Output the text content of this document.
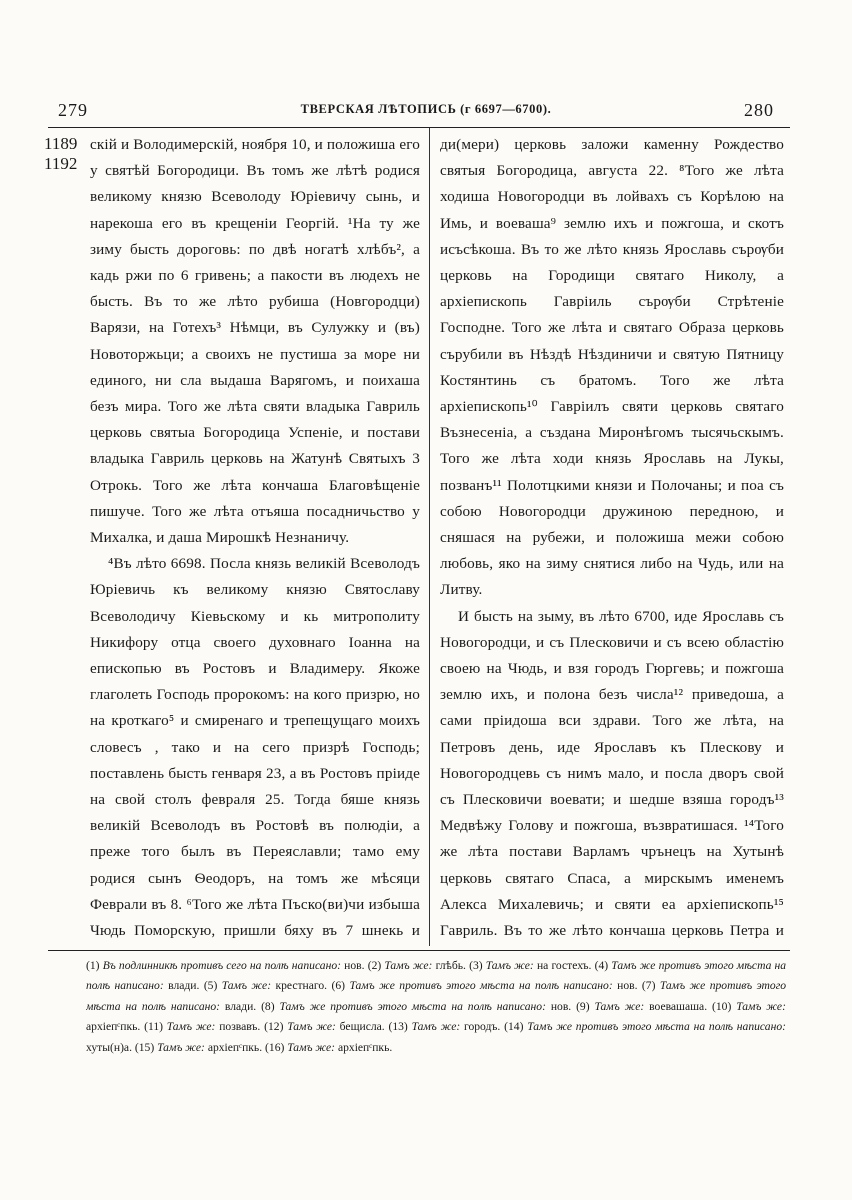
279	ТВЕРСКАЯ ЛѢТОПИСЬ (г 6697—6700).	280
1189
1192

скій и Володимерскій, ноября 10, и положиша его у святѣй Богородици. Въ томъ же лѣтѣ родися великому князю Всеволоду Юріевичу сынь, и нарекоша его въ крещеніи Георгій. ¹На ту же зиму бысть дороговь: по двѣ ногатѣ хлѣбъ², а кадь ржи по 6 гривень; а пакости въ людехъ не бысть. Въ то же лѣто рубиша (Новгородци) Варязи, на Готехъ³ Нѣмци, въ Сулужку и (въ) Новоторжьци; а своихъ не пустиша за море ни единого, ни сла выдаша Варягомъ, и поихаша безъ мира. Того же лѣта святи владыка Гавриль церковь святыа Богородица Успеніе, и постави владыка Гавриль церковь на Жатунѣ Святыхъ 3 Отрокь. Того же лѣта кончаша Благовѣщеніе пишуче. Того же лѣта отъяша посадничьство у Михалка, и даша Мирошкѣ Незнаничу.

⁴Въ лѣто 6698. Посла князь великій Всеволодъ Юріевичь къ великому князю Святославу Всеволодичу Кіевьскому и кь митрополиту Никифору отца своего духовнаго Іоанна на епископью въ Ростовъ и Владимеру. Якоже глаголеть Господь пророкомъ: на кого призрю, но на кроткаго⁵ и смиренаго и трепещущаго моихъ словесъ , тако и на сего призрѣ Господь; поставлень бысть генваря 23, а въ Ростовъ пріиде на свой столъ февраля 25. Тогда бяше князь великій Всеволодъ въ Ростовѣ въ полюдіи, а преже того былъ въ Переяславли; тамо ему родися сынъ Ѳеодоръ, на томъ же мѣсяци Феврали въ 8. ⁶Того же лѣта Пъско(ви)чи избыша Чюдь Поморскую, пришли бяху въ 7 шнекь и

ди(мери) церковь заложи каменну Рождество святыя Богородица, августа 22. ⁸Того же лѣта ходиша Новогородци въ лойвахъ съ Корѣлою на Имь, и воеваша⁹ землю ихъ и пожгоша, и скотъ исъсѣкоша. Въ то же лѣто князь Ярославь сърѹби церковь на Городищи святаго Николу, а архіепископь Гавріиль сърѹби Стрѣтеніе Господне. Того же лѣта и святаго Образа церковь сърубили въ Нѣздѣ Нѣздиничи и святую Пятницу Костянтинь съ братомъ. Того же лѣта архіепископь¹⁰ Гавріилъ святи церковь святаго Възнесеніа, а създана Миронѣгомъ тысячьскымъ. Того же лѣта ходи князь Ярославь на Лукы, позванъ¹¹ Полотцкими князи и Полочаны; и поа съ собою Новогородци дружиною передною, и сняшася на рубежи, и положиша межи собою любовь, яко на зиму снятися либо на Чудь, или на Литву.

И бысть на зыму, въ лѣто 6700, иде Ярославь съ Новогородци, и съ Плесковичи и съ всею областію своею на Чюдь, и взя городъ Гюргевь; и пожгоша землю ихъ, и полона безъ числа¹² приведоша, а сами пріидоша вси здрави. Того же лѣта, на Петровъ день, иде Ярославъ къ Плескову и Новогородцевь съ нимъ мало, и посла дворъ свой съ Плесковичи воевати; и шедше взяша городъ¹³ Медвѣжу Голову и пожгоша, възвратишася. ¹⁴Того же лѣта постави Варламъ чрънецъ на Хутынѣ церковь святаго Спаса, а мирскымъ именемъ Алекса Михалевичь; и святи еа архіепископь¹⁵ Гавриль. Въ то же лѣто кончаша церковь Петра и

(1) Въ подлинникѣ противъ сего на полѣ написано: нов. (2) Тамъ же: глѣбь. (3) Тамъ же: на гостехъ. (4) Тамъ же противъ этого мѣста на полѣ написано: влади. (5) Тамъ же: крестнаго. (6) Тамъ же противъ этого мѣста на полѣ написано: нов. (7) Тамъ же противъ этого мѣста на полѣ написано: влади. (8) Тамъ же противъ этого мѣста на полѣ написано: нов. (9) Тамъ же: воевашаша. (10) Тамъ же: архіепᶜпкь. (11) Тамъ же: позвавъ. (12) Тамъ же: бещисла. (13) Тамъ же: городъ. (14) Тамъ же противъ этого мѣста на полѣ написано: хуты(н)а. (15) Тамъ же: архіепᶜпкь. (16) Тамъ же: архіепᶜпкь.
